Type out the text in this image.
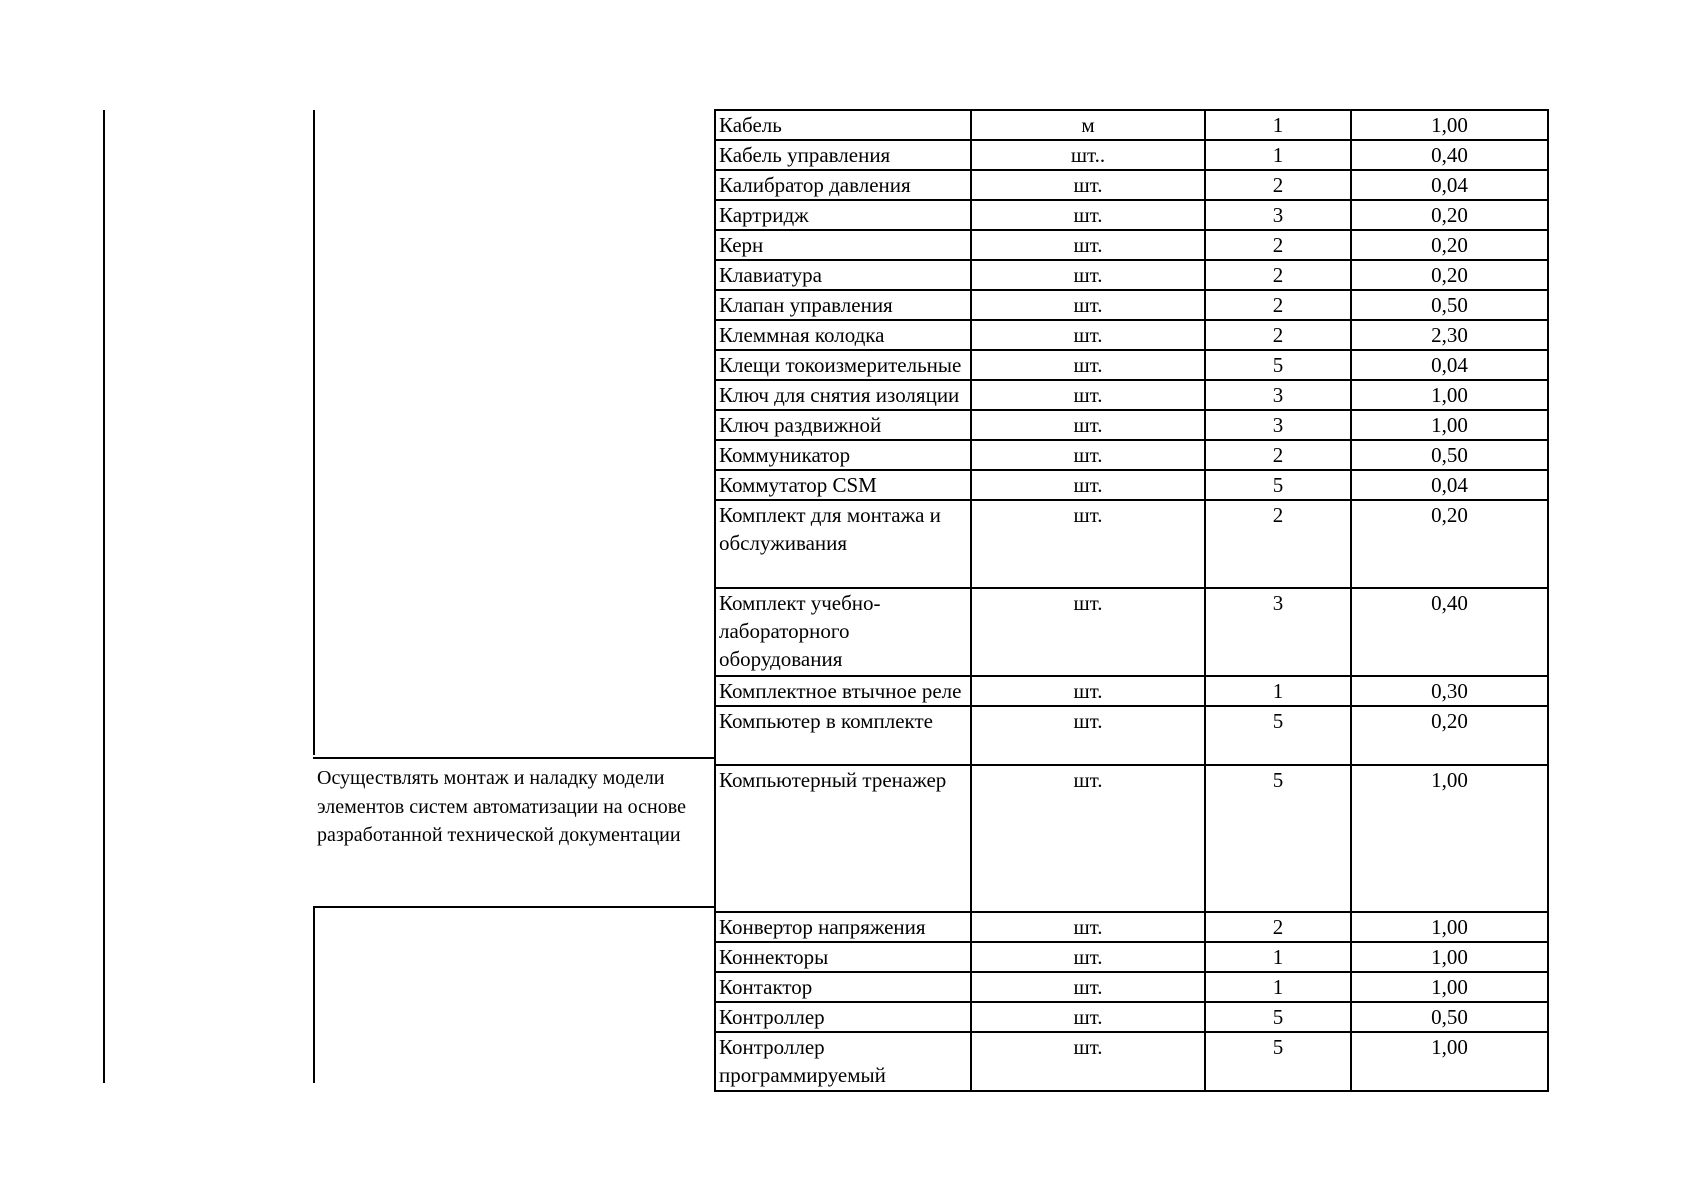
Осуществлять монтаж и наладку модели элементов систем автоматизации на основе разработанной технической документации
Кабель	м	1	1,00
Кабель управления	шт..	1	0,40
Калибратор давления	шт.	2	0,04
Картридж	шт.	3	0,20
Керн	шт.	2	0,20
Клавиатура	шт.	2	0,20
Клапан управления	шт.	2	0,50
Клеммная колодка	шт.	2	2,30
Клещи токоизмерительные	шт.	5	0,04
Ключ для снятия изоляции	шт.	3	1,00
Ключ раздвижной	шт.	3	1,00
Коммуникатор	шт.	2	0,50
Коммутатор CSM	шт.	5	0,04
Комплект для монтажа и обслуживания	шт.	2	0,20
Комплект учебно-лабораторного оборудования	шт.	3	0,40
Комплектное втычное реле	шт.	1	0,30
Компьютер в комплекте	шт.	5	0,20
Компьютерный тренажер	шт.	5	1,00
Конвертор напряжения	шт.	2	1,00
Коннекторы	шт.	1	1,00
Контактор	шт.	1	1,00
Контроллер	шт.	5	0,50
Контроллер программируемый	шт.	5	1,00
